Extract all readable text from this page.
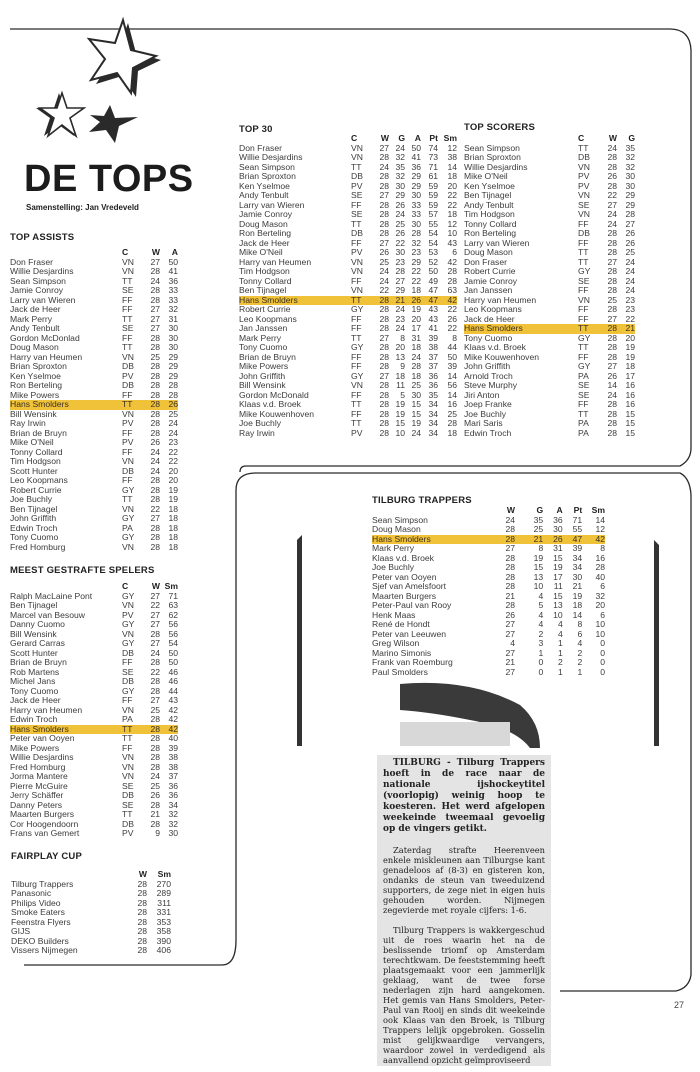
DE TOPS
Samenstelling: Jan Vredeveld
TOP ASSISTS
	C	W	A
Don Fraser	VN	27	50
Willie Desjardins	VN	28	41
Sean Simpson	TT	24	36
Jamie Conroy	SE	28	33
Larry van Wieren	FF	28	33
Jack de Heer	FF	27	32
Mark Perry	TT	27	31
Andy Tenbult	SE	27	30
Gordon McDonlad	FF	28	30
Doug Mason	TT	28	30
Harry van Heumen	VN	25	29
Brian Sproxton	DB	28	29
Ken Yselmoe	PV	28	29
Ron Berteling	DB	28	28
Mike Powers	FF	28	28
Hans Smolders	TT	28	26
Bill Wensink	VN	28	25
Ray Irwin	PV	28	24
Brian de Bruyn	FF	28	24
Mike O'Neil	PV	26	23
Tonny Collard	FF	24	22
Tim Hodgson	VN	24	22
Scott Hunter	DB	24	20
Leo Koopmans	FF	28	20
Robert Currie	GY	28	19
Joe Buchly	TT	28	19
Ben Tijnagel	VN	22	18
John Griffith	GY	27	18
Edwin Troch	PA	28	18
Tony Cuomo	GY	28	18
Fred Homburg	VN	28	18
MEEST GESTRAFTE SPELERS
	C	W	Sm
Ralph MacLaine Pont	GY	27	71
Ben Tijnagel	VN	22	63
Marcel van Besouw	PV	27	62
Danny Cuomo	GY	27	56
Bill Wensink	VN	28	56
Gerard Carras	GY	27	54
Scott Hunter	DB	24	50
Brian de Bruyn	FF	28	50
Rob Martens	SE	22	46
Michel Jans	DB	28	46
Tony Cuomo	GY	28	44
Jack de Heer	FF	27	43
Harry van Heumen	VN	25	42
Edwin Troch	PA	28	42
Hans Smolders	TT	28	42
Peter van Ooyen	TT	28	40
Mike Powers	FF	28	39
Willie Desjardins	VN	28	38
Fred Homburg	VN	28	38
Jorma Mantere	VN	24	37
Pierre McGuire	SE	25	36
Jerry Schäffer	DB	26	36
Danny Peters	SE	28	34
Maarten Burgers	TT	21	32
Cor Hoogendoorn	DB	28	32
Frans van Gemert	PV	9	30
FAIRPLAY CUP
	W	Sm
Tilburg Trappers	28	270
Panasonic	28	289
Philips Video	28	311
Smoke Eaters	28	331
Feenstra Flyers	28	353
GIJS	28	358
DEKO Builders	28	390
Vissers Nijmegen	28	406
TOP 30
	C	W	G	A	Pt	Sm
Don Fraser	VN	27	24	50	74	12
Willie Desjardins	VN	28	32	41	73	38
Sean Simpson	TT	24	35	36	71	14
Brian Sproxton	DB	28	32	29	61	18
Ken Yselmoe	PV	28	30	29	59	20
Andy Tenbult	SE	27	29	30	59	22
Larry van Wieren	FF	28	26	33	59	22
Jamie Conroy	SE	28	24	33	57	18
Doug Mason	TT	28	25	30	55	12
Ron Berteling	DB	28	26	28	54	10
Jack de Heer	FF	27	22	32	54	43
Mike O'Neil	PV	26	30	23	53	6
Harry van Heumen	VN	25	23	29	52	42
Tim Hodgson	VN	24	28	22	50	28
Tonny Collard	FF	24	27	22	49	28
Ben Tijnagel	VN	22	29	18	47	63
Hans Smolders	TT	28	21	26	47	42
Robert Currie	GY	28	24	19	43	22
Leo Koopmans	FF	28	23	20	43	26
Jan Janssen	FF	28	24	17	41	22
Mark Perry	TT	27	8	31	39	8
Tony Cuomo	GY	28	20	18	38	44
Brian de Bruyn	FF	28	13	24	37	50
Mike Powers	FF	28	9	28	37	39
John Griffith	GY	27	18	18	36	14
Bill Wensink	VN	28	11	25	36	56
Gordon McDonald	FF	28	5	30	35	14
Klaas v.d. Broek	TT	28	19	15	34	16
Mike Kouwenhoven	FF	28	19	15	34	25
Joe Buchly	TT	28	15	19	34	28
Ray Irwin	PV	28	10	24	34	18
TOP SCORERS
	C	W	G
Sean Simpson	TT	24	35
Brian Sproxton	DB	28	32
Willie Desjardins	VN	28	32
Mike O'Neil	PV	26	30
Ken Yselmoe	PV	28	30
Ben Tijnagel	VN	22	29
Andy Tenbult	SE	27	29
Tim Hodgson	VN	24	28
Tonny Collard	FF	24	27
Ron Berteling	DB	28	26
Larry van Wieren	FF	28	26
Doug Mason	TT	28	25
Don Fraser	TT	27	24
Robert Currie	GY	28	24
Jamie Conroy	SE	28	24
Jan Janssen	FF	28	24
Harry van Heumen	VN	25	23
Leo Koopmans	FF	28	23
Jack de Heer	FF	27	22
Hans Smolders	TT	28	21
Tony Cuomo	GY	28	20
Klaas v.d. Broek	TT	28	19
Mike Kouwenhoven	FF	28	19
John Griffith	GY	27	18
Arnold Troch	PA	26	17
Steve Murphy	SE	14	16
Jiri Anton	SE	24	16
Joep Franke	FF	28	16
Joe Buchly	TT	28	15
Mari Saris	PA	28	15
Edwin Troch	PA	28	15
TILBURG TRAPPERS
	W	G	A	Pt	Sm
Sean Simpson	24	35	36	71	14
Doug Mason	28	25	30	55	12
Hans Smolders	28	21	26	47	42
Mark Perry	27	8	31	39	8
Klaas v.d. Broek	28	19	15	34	16
Joe Buchly	28	15	19	34	28
Peter van Ooyen	28	13	17	30	40
Sjef van Amelsfoort	28	10	11	21	6
Maarten Burgers	21	4	15	19	32
Peter-Paul van Rooy	28	5	13	18	20
Henk Maas	26	4	10	14	6
René de Hondt	27	4	4	8	10
Peter van Leeuwen	27	2	4	6	10
Greg Wilson	4	3	1	4	0
Marino Simonis	27	1	1	2	0
Frank van Roemburg	21	0	2	2	0
Paul Smolders	27	0	1	1	0

TILBURG - Tilburg Trappers hoeft in de race naar de nationale ijshockeytitel (voorlopig) weinig hoop te koesteren. Het werd afgelopen weekeinde tweemaal gevoelig op de vingers getikt.

Zaterdag strafte Heerenveen enkele miskleunen aan Tilburgse kant genadeloos af (8-3) en gisteren kon, ondanks de steun van tweeduizend supporters, de zege niet in eigen huis gehouden worden. Nijmegen zegevierde met royale cijfers: 1-6.

Tilburg Trappers is wakkergeschud uit de roes waarin het na de beslissende triomf op Amsterdam terechtkwam. De feeststemming heeft plaatsgemaakt voor een jammerlijk geklaag, want de twee forse nederlagen zijn hard aangekomen. Het gemis van Hans Smolders, Peter-Paul van Rooij en sinds dit weekeinde ook Klaas van den Broek, is Tilburg Trappers lelijk opgebroken. Gosselin mist gelijkwaardige vervangers, waardoor zowel in verdedigend als aanvallend opzicht geïmproviseerd

27
